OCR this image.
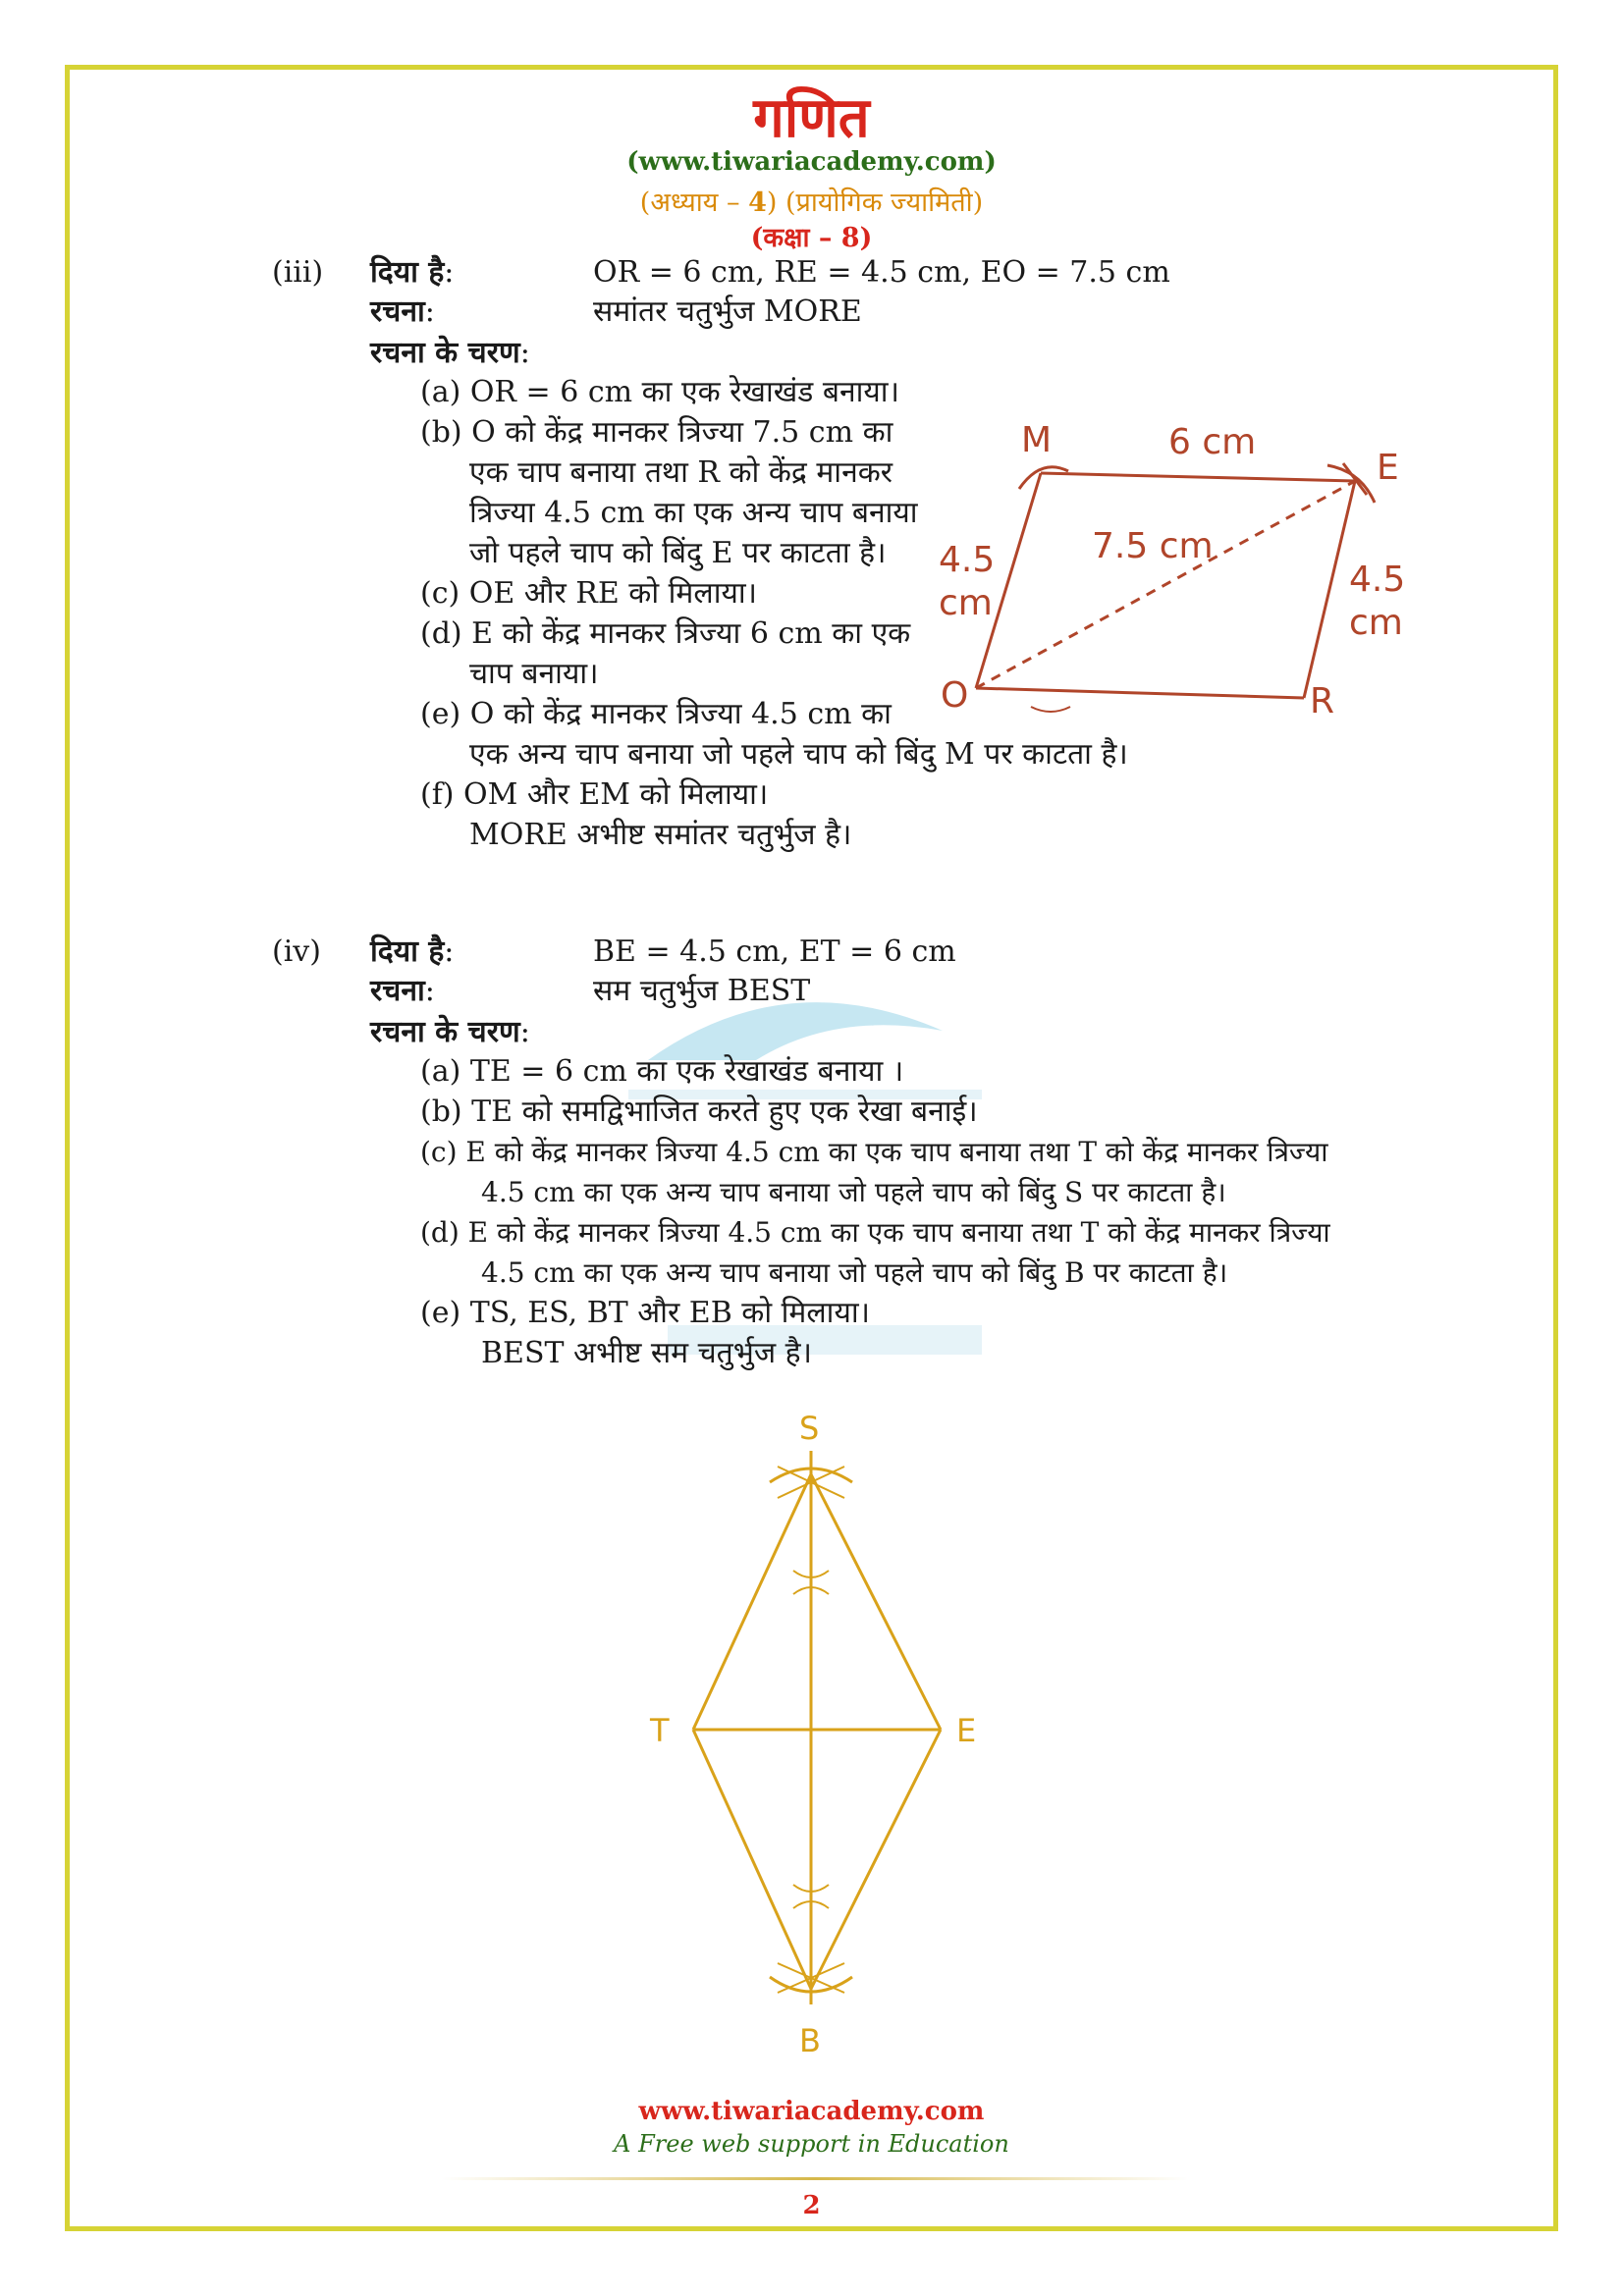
गणित
(www.tiwariacademy.com)
(अध्याय – 4) (प्रायोगिक ज्यामिती)
(कक्षा – 8)
(iii) दिया है:	OR = 6 cm, RE = 4.5 cm, EO = 7.5 cm
रचना:	समांतर चतुर्भुज MORE
रचना के चरण:
(a) OR = 6 cm का एक रेखाखंड बनाया।
(b) O को केंद्र मानकर त्रिज्या 7.5 cm का
एक चाप बनाया तथा R को केंद्र मानकर
त्रिज्या 4.5 cm का एक अन्य चाप बनाया
जो पहले चाप को बिंदु E पर काटता है।
(c) OE और RE को मिलाया।
(d) E को केंद्र मानकर त्रिज्या 6 cm का एक
चाप बनाया।
(e) O को केंद्र मानकर त्रिज्या 4.5 cm का
एक अन्य चाप बनाया जो पहले चाप को बिंदु M पर काटता है।
(f) OM और EM को मिलाया।
MORE अभीष्ट समांतर चतुर्भुज है।
M
E
O	R
6 cm
7.5 cm
4.5
cm
4.5
cm
(iv) दिया है:	BE = 4.5 cm, ET = 6 cm
रचना:	सम चतुर्भुज BEST
रचना के चरण:
(a) TE = 6 cm का एक रेखाखंड बनाया ।
(b) TE को समद्विभाजित करते हुए एक रेखा बनाई।
(c) E को केंद्र मानकर त्रिज्या 4.5 cm का एक चाप बनाया तथा T को केंद्र मानकर त्रिज्या
4.5 cm का एक अन्य चाप बनाया जो पहले चाप को बिंदु S पर काटता है।
(d) E को केंद्र मानकर त्रिज्या 4.5 cm का एक चाप बनाया तथा T को केंद्र मानकर त्रिज्या
4.5 cm का एक अन्य चाप बनाया जो पहले चाप को बिंदु B पर काटता है।
(e) TS, ES, BT और EB को मिलाया।
BEST अभीष्ट सम चतुर्भुज है।
S
T	E
B
www.tiwariacademy.com
A Free web support in Education
2
